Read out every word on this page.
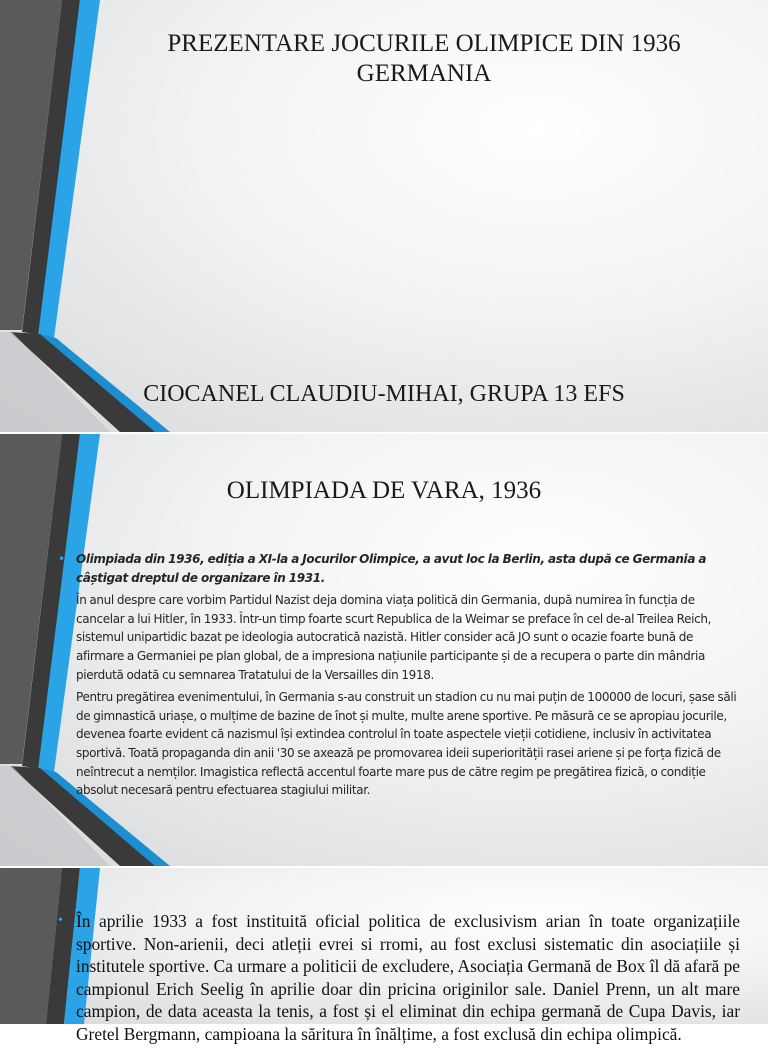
PREZENTARE JOCURILE OLIMPICE DIN 1936
GERMANIA
CIOCANEL CLAUDIU-MIHAI, GRUPA 13 EFS
OLIMPIADA DE VARA, 1936
• Olimpiada din 1936, ediția a XI-la a Jocurilor Olimpice, a avut loc la Berlin, asta după ce Germania a câștigat dreptul de organizare în 1931.
• În anul despre care vorbim Partidul Nazist deja domina viața politică din Germania, după numirea în funcția de cancelar a lui Hitler, în 1933. Într-un timp foarte scurt Republica de la Weimar se preface în cel de-al Treilea Reich, sistemul unipartidic bazat pe ideologia autocratică nazistă. Hitler consider acă JO sunt o ocazie foarte bună de afirmare a Germaniei pe plan global, de a impresiona națiunile participante și de a recupera o parte din mândria pierdută odată cu semnarea Tratatului de la Versailles din 1918.
• Pentru pregătirea evenimentului, în Germania s-au construit un stadion cu nu mai puțin de 100000 de locuri, șase săli de gimnastică uriașe, o mulțime de bazine de înot și multe, multe arene sportive. Pe măsură ce se apropiau jocurile, devenea foarte evident că nazismul își extindea controlul în toate aspectele vieții cotidiene, inclusiv în activitatea sportivă. Toată propaganda din anii '30 se axează pe promovarea ideii superiorității rasei ariene și pe forța fizică de neîntrecut a nemților. Imagistica reflectă accentul foarte mare pus de către regim pe pregătirea fizică, o condiție absolut necesară pentru efectuarea stagiului militar.
• În aprilie 1933 a fost instituită oficial politica de exclusivism arian în toate organizațiile sportive. Non-arienii, deci atleții evrei si rromi, au fost exclusi sistematic din asociațiile și institutele sportive. Ca urmare a politicii de excludere, Asociația Germană de Box îl dă afară pe campionul Erich Seelig în aprilie doar din pricina originilor sale. Daniel Prenn, un alt mare campion, de data aceasta la tenis, a fost și el eliminat din echipa germană de Cupa Davis, iar Gretel Bergmann, campioana la săritura în înălțime, a fost exclusă din echipa olimpică.
